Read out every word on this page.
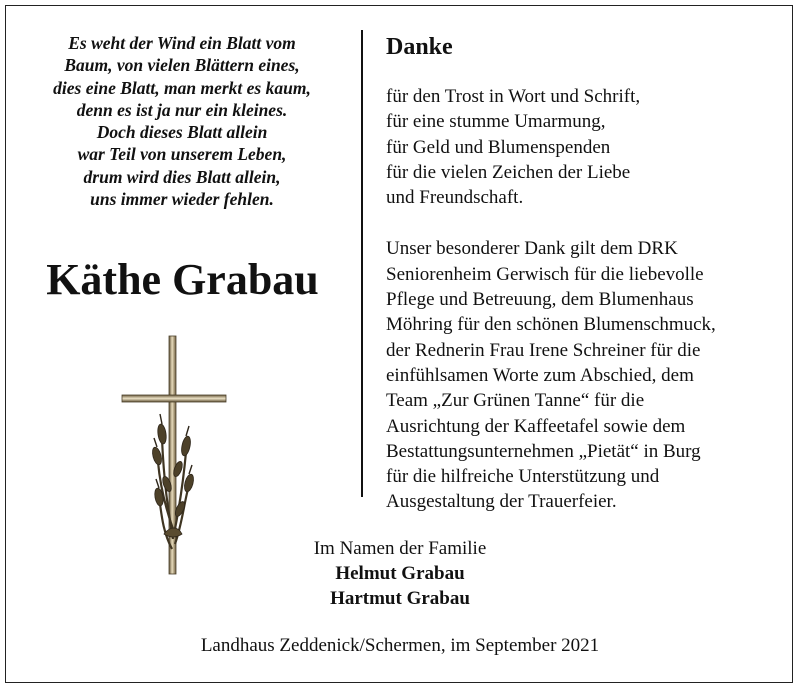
Es weht der Wind ein Blatt vom
Baum, von vielen Blättern eines,
dies eine Blatt, man merkt es kaum,
denn es ist ja nur ein kleines.
Doch dieses Blatt allein
war Teil von unserem Leben,
drum wird dies Blatt allein,
uns immer wieder fehlen.
Käthe Grabau
Danke
für den Trost in Wort und Schrift,
für eine stumme Umarmung,
für Geld und Blumenspenden
für die vielen Zeichen der Liebe
und Freundschaft.
Unser besonderer Dank gilt dem DRK
Seniorenheim Gerwisch für die liebevolle
Pflege und Betreuung, dem Blumenhaus
Möhring für den schönen Blumenschmuck,
der Rednerin Frau Irene Schreiner für die
einfühlsamen Worte zum Abschied, dem
Team „Zur Grünen Tanne“ für die
Ausrichtung der Kaffeetafel sowie dem
Bestattungsunternehmen „Pietät“ in Burg
für die hilfreiche Unterstützung und
Ausgestaltung der Trauerfeier.
Im Namen der Familie
Helmut Grabau
Hartmut Grabau
Landhaus Zeddenick/Schermen, im September 2021
